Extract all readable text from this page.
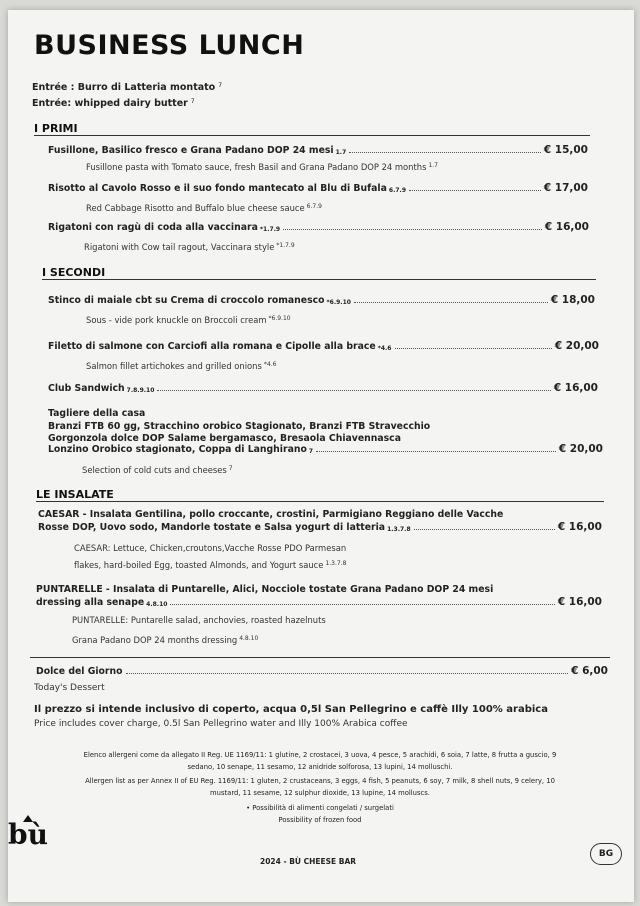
BUSINESS LUNCH
Entrée : Burro di Latteria montato $^7$
Entrée: whipped dairy butter $^7$
I PRIMI
Fusillone, Basilico fresco e Grana Padano DOP 24 mesi 1.7	€ 15,00
Fusillone pasta with Tomato sauce, fresh Basil and Grana Padano DOP 24 months $^{1.7}$
Risotto al Cavolo Rosso e il suo fondo mantecato al Blu di Bufala 6.7.9	€ 17,00
Red Cabbage Risotto and Buffalo blue cheese sauce $^{6.7.9}$
Rigatoni con ragù di coda alla vaccinara *1.7.9	€ 16,00
Rigatoni with Cow tail ragout, Vaccinara style $^{*1.7.9}$
I SECONDI
Stinco di maiale cbt su Crema di croccolo romanesco *6.9.10	€ 18,00
Sous - vide pork knuckle on Broccoli cream $^{*6.9.10}$
Filetto di salmone con Carciofi alla romana e Cipolle alla brace *4.6	€ 20,00
Salmon fillet artichokes and grilled onions $^{*4.6}$
Club Sandwich 7.8.9.10	€ 16,00
Tagliere della casa
Branzi FTB 60 gg, Stracchino orobico Stagionato, Branzi FTB Stravecchio
Gorgonzola dolce DOP Salame bergamasco, Bresaola Chiavennasca
Lonzino Orobico stagionato, Coppa di Langhirano 7	€ 20,00
Selection of cold cuts and cheeses $^7$
LE INSALATE
CAESAR - Insalata Gentilina, pollo croccante, crostini, Parmigiano Reggiano delle Vacche
Rosse DOP, Uovo sodo, Mandorle tostate e Salsa yogurt di latteria 1.3.7.8	€ 16,00
CAESAR: Lettuce, Chicken,croutons,Vacche Rosse PDO Parmesan
flakes, hard-boiled Egg, toasted Almonds, and Yogurt sauce $^{1.3.7.8}$
PUNTARELLE - Insalata di Puntarelle, Alici, Nocciole tostate Grana Padano DOP 24 mesi
dressing alla senape 4.8.10	€ 16,00
PUNTARELLE: Puntarelle salad, anchovies, roasted hazelnuts
Grana Padano DOP 24 months dressing $^{4.8.10}$
Dolce del Giorno	€ 6,00
Today's Dessert
Il prezzo si intende inclusivo di coperto, acqua 0,5l San Pellegrino e caffè Illy 100% arabica
Price includes cover charge, 0.5l San Pellegrino water and Illy 100% Arabica coffee
Elenco allergeni come da allegato II Reg. UE 1169/11: 1 glutine, 2 crostacei, 3 uova, 4 pesce, 5 arachidi, 6 soia, 7 latte, 8 frutta a guscio, 9
sedano, 10 senape, 11 sesamo, 12 anidride solforosa, 13 lupini, 14 molluschi.
Allergen list as per Annex II of EU Reg. 1169/11: 1 gluten, 2 crustaceans, 3 eggs, 4 fish, 5 peanuts, 6 soy, 7 milk, 8 shell nuts, 9 celery, 10
mustard, 11 sesame, 12 sulphur dioxide, 13 lupine, 14 molluscs.
• Possibilità di alimenti congelati / surgelati
Possibility of frozen food
bù
2024 - BÙ CHEESE BAR
BG
